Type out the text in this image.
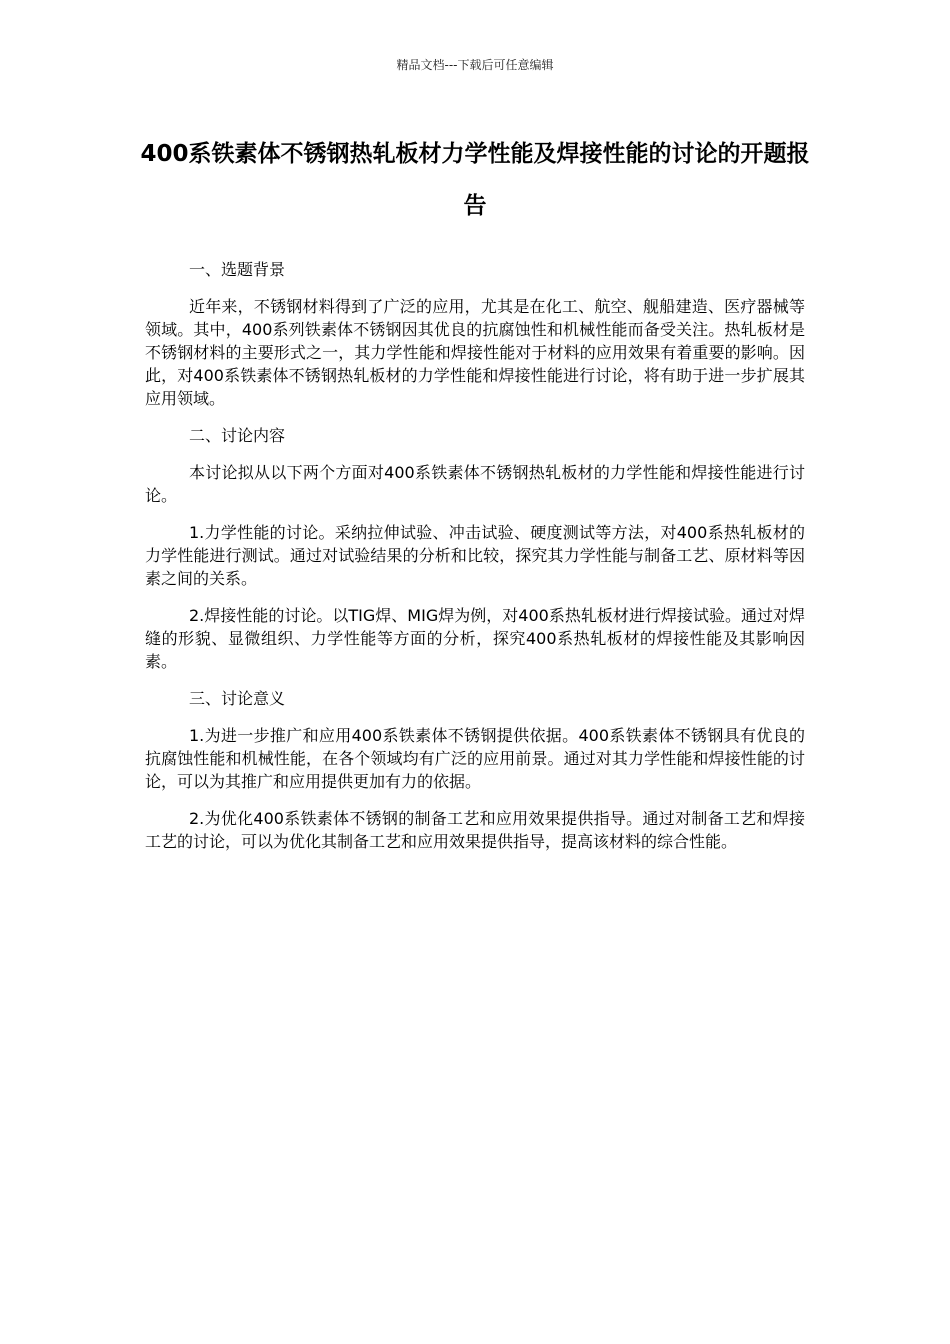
精品文档---下载后可任意编辑
400系铁素体不锈钢热轧板材力学性能及焊接性能的讨论的开题报告

一、选题背景

近年来，不锈钢材料得到了广泛的应用，尤其是在化工、航空、舰船建造、医疗器械等领域。其中，400系列铁素体不锈钢因其优良的抗腐蚀性和机械性能而备受关注。热轧板材是不锈钢材料的主要形式之一，其力学性能和焊接性能对于材料的应用效果有着重要的影响。因此，对400系铁素体不锈钢热轧板材的力学性能和焊接性能进行讨论，将有助于进一步扩展其应用领域。

二、讨论内容

本讨论拟从以下两个方面对400系铁素体不锈钢热轧板材的力学性能和焊接性能进行讨论。

1.力学性能的讨论。采纳拉伸试验、冲击试验、硬度测试等方法，对400系热轧板材的力学性能进行测试。通过对试验结果的分析和比较，探究其力学性能与制备工艺、原材料等因素之间的关系。

2.焊接性能的讨论。以TIG焊、MIG焊为例，对400系热轧板材进行焊接试验。通过对焊缝的形貌、显微组织、力学性能等方面的分析，探究400系热轧板材的焊接性能及其影响因素。

三、讨论意义

1.为进一步推广和应用400系铁素体不锈钢提供依据。400系铁素体不锈钢具有优良的抗腐蚀性能和机械性能，在各个领域均有广泛的应用前景。通过对其力学性能和焊接性能的讨论，可以为其推广和应用提供更加有力的依据。

2.为优化400系铁素体不锈钢的制备工艺和应用效果提供指导。通过对制备工艺和焊接工艺的讨论，可以为优化其制备工艺和应用效果提供指导，提高该材料的综合性能。
